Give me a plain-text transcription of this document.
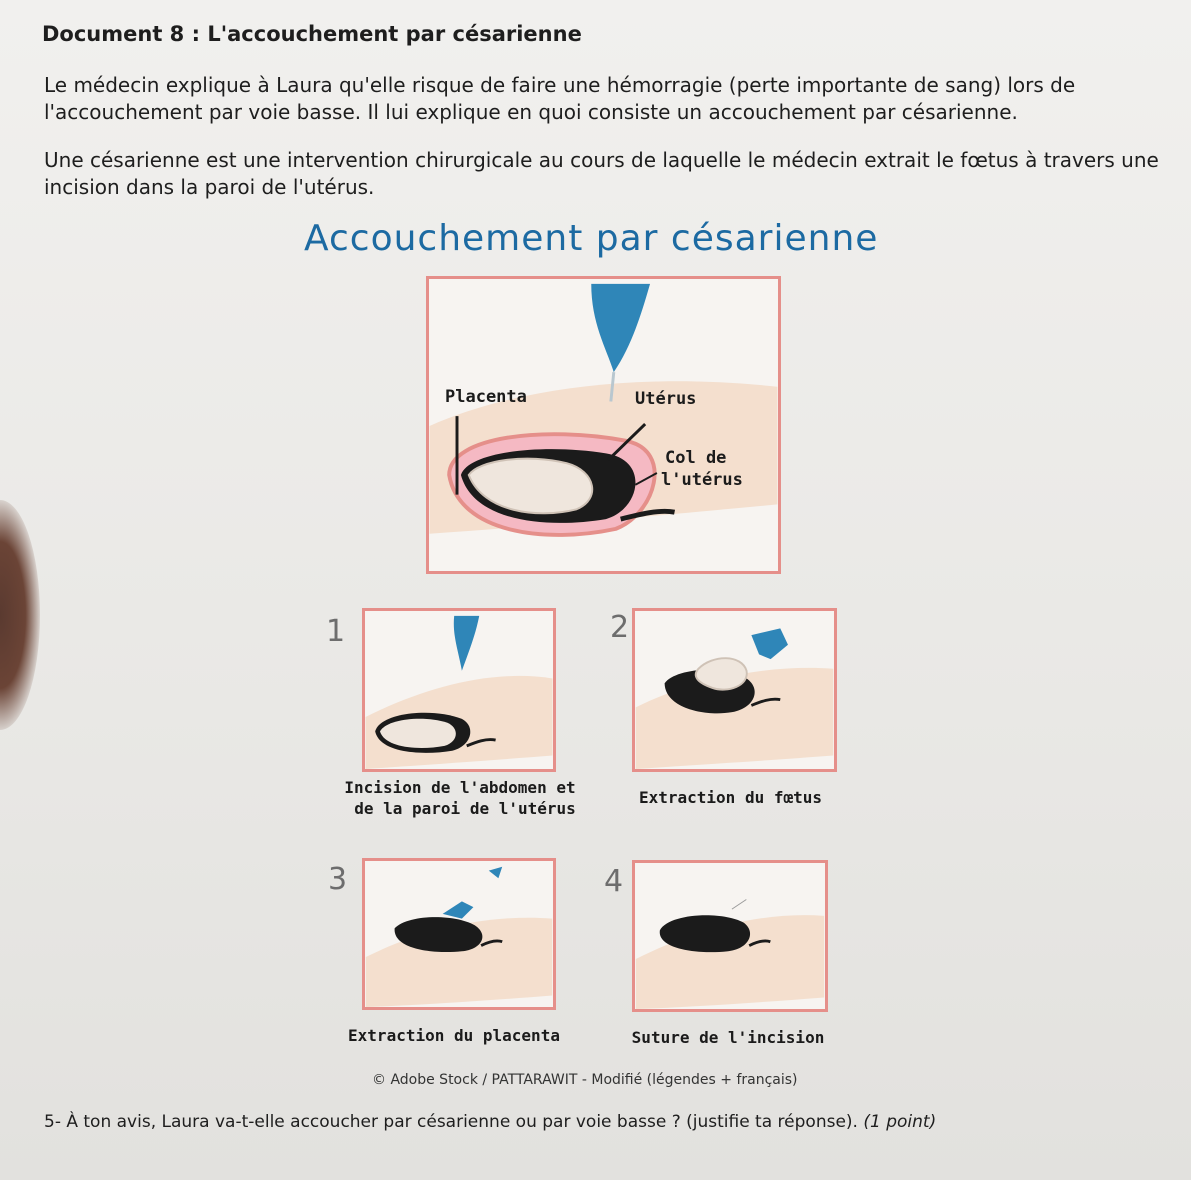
Document 8 : L'accouchement par césarienne
Le médecin explique à Laura qu'elle risque de faire une hémorragie (perte importante de sang) lors de l'accouchement par voie basse. Il lui explique en quoi consiste un accouchement par césarienne.
Une césarienne est une intervention chirurgicale au cours de laquelle le médecin extrait le fœtus à travers une incision dans la paroi de l'utérus.
Accouchement par césarienne
Placenta	Utérus
Col de
l'utérus
1
Incision de l'abdomen et
de la paroi de l'utérus
2
Extraction du fœtus
3
Extraction du placenta
4
Suture de l'incision
© Adobe Stock / PATTARAWIT - Modifié (légendes + français)
5- À ton avis, Laura va-t-elle accoucher par césarienne ou par voie basse ? (justifie ta réponse). (1 point)
